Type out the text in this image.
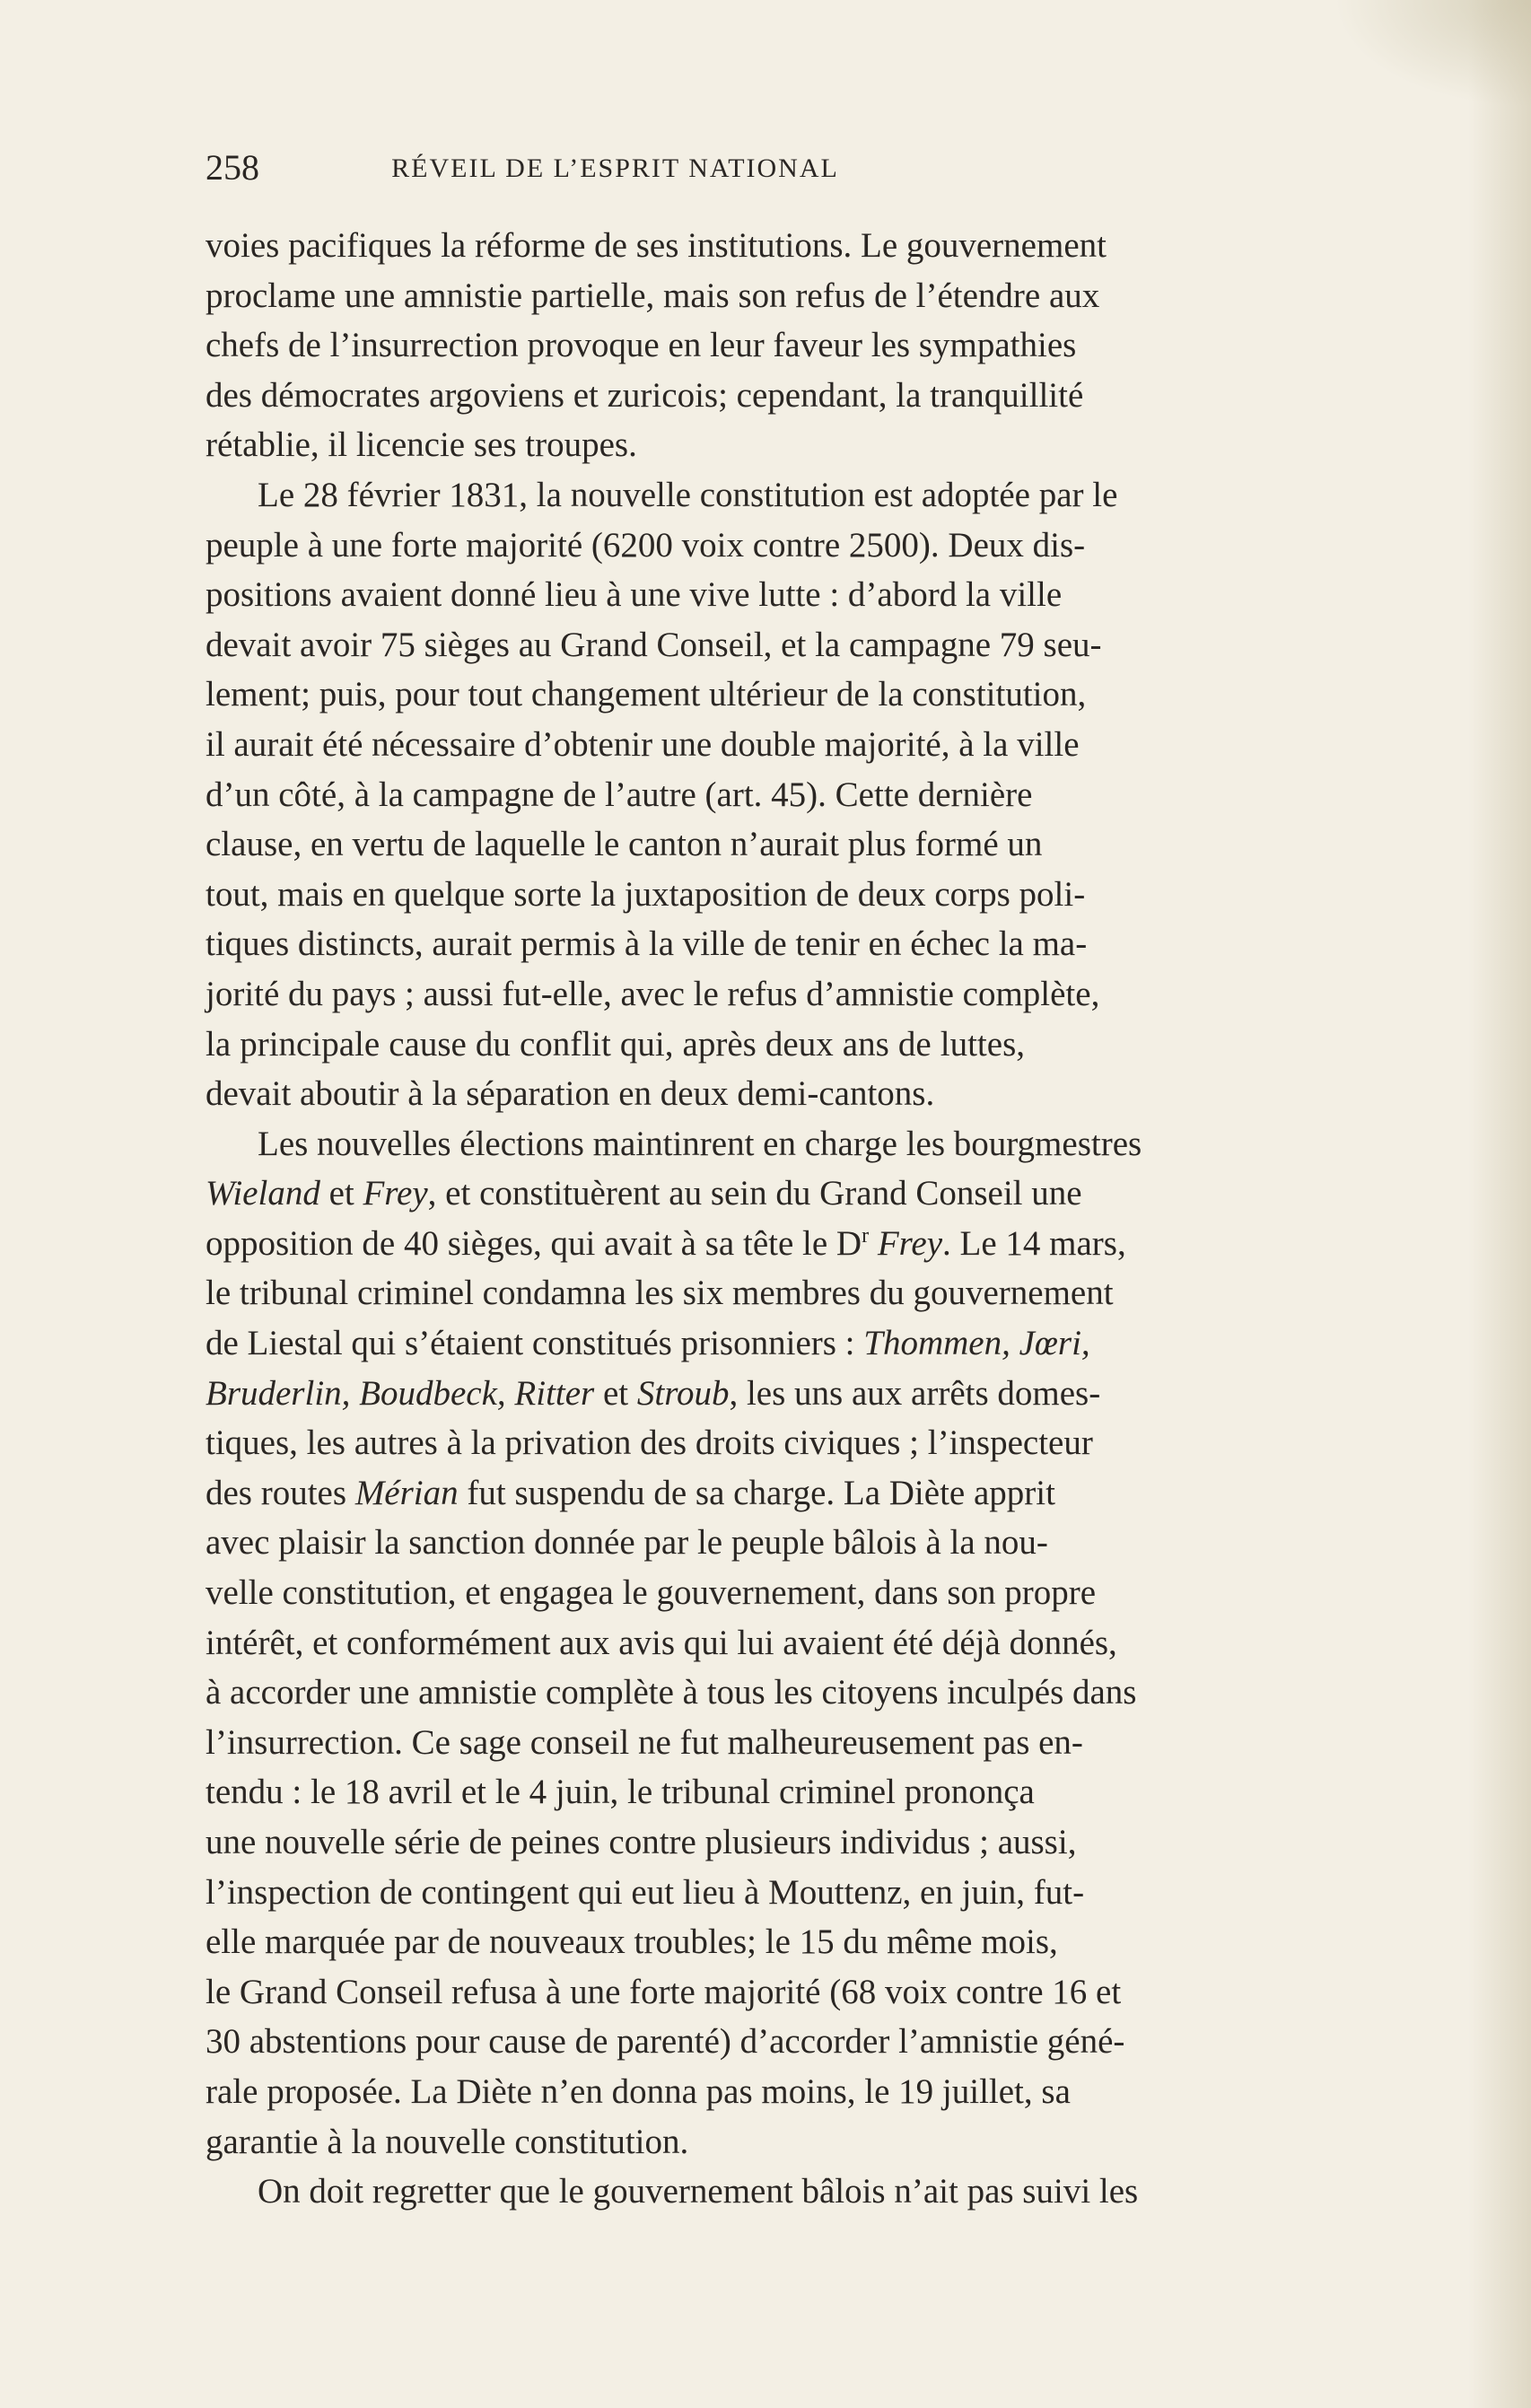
258	RÉVEIL DE L’ESPRIT NATIONAL
voies pacifiques la réforme de ses institutions. Le gouvernement
proclame une amnistie partielle, mais son refus de l’étendre aux
chefs de l’insurrection provoque en leur faveur les sympathies
des démocrates argoviens et zuricois; cependant, la tranquillité
rétablie, il licencie ses troupes.
Le 28 février 1831, la nouvelle constitution est adoptée par le
peuple à une forte majorité (6200 voix contre 2500). Deux dis-
positions avaient donné lieu à une vive lutte : d’abord la ville
devait avoir 75 sièges au Grand Conseil, et la campagne 79 seu-
lement; puis, pour tout changement ultérieur de la constitution,
il aurait été nécessaire d’obtenir une double majorité, à la ville
d’un côté, à la campagne de l’autre (art. 45). Cette dernière
clause, en vertu de laquelle le canton n’aurait plus formé un
tout, mais en quelque sorte la juxtaposition de deux corps poli-
tiques distincts, aurait permis à la ville de tenir en échec la ma-
jorité du pays ; aussi fut-elle, avec le refus d’amnistie complète,
la principale cause du conflit qui, après deux ans de luttes,
devait aboutir à la séparation en deux demi-cantons.
Les nouvelles élections maintinrent en charge les bourgmestres
Wieland et Frey, et constituèrent au sein du Grand Conseil une
opposition de 40 sièges, qui avait à sa tête le $D^r$ Frey. Le 14 mars,
le tribunal criminel condamna les six membres du gouvernement
de Liestal qui s’étaient constitués prisonniers : Thommen, Jœri,
Bruderlin, Boudbeck, Ritter et Stroub, les uns aux arrêts domes-
tiques, les autres à la privation des droits civiques ; l’inspecteur
des routes Mérian fut suspendu de sa charge. La Diète apprit
avec plaisir la sanction donnée par le peuple bâlois à la nou-
velle constitution, et engagea le gouvernement, dans son propre
intérêt, et conformément aux avis qui lui avaient été déjà donnés,
à accorder une amnistie complète à tous les citoyens inculpés dans
l’insurrection. Ce sage conseil ne fut malheureusement pas en-
tendu : le 18 avril et le 4 juin, le tribunal criminel prononça
une nouvelle série de peines contre plusieurs individus ; aussi,
l’inspection de contingent qui eut lieu à Mouttenz, en juin, fut-
elle marquée par de nouveaux troubles; le 15 du même mois,
le Grand Conseil refusa à une forte majorité (68 voix contre 16 et
30 abstentions pour cause de parenté) d’accorder l’amnistie géné-
rale proposée. La Diète n’en donna pas moins, le 19 juillet, sa
garantie à la nouvelle constitution.
On doit regretter que le gouvernement bâlois n’ait pas suivi les
